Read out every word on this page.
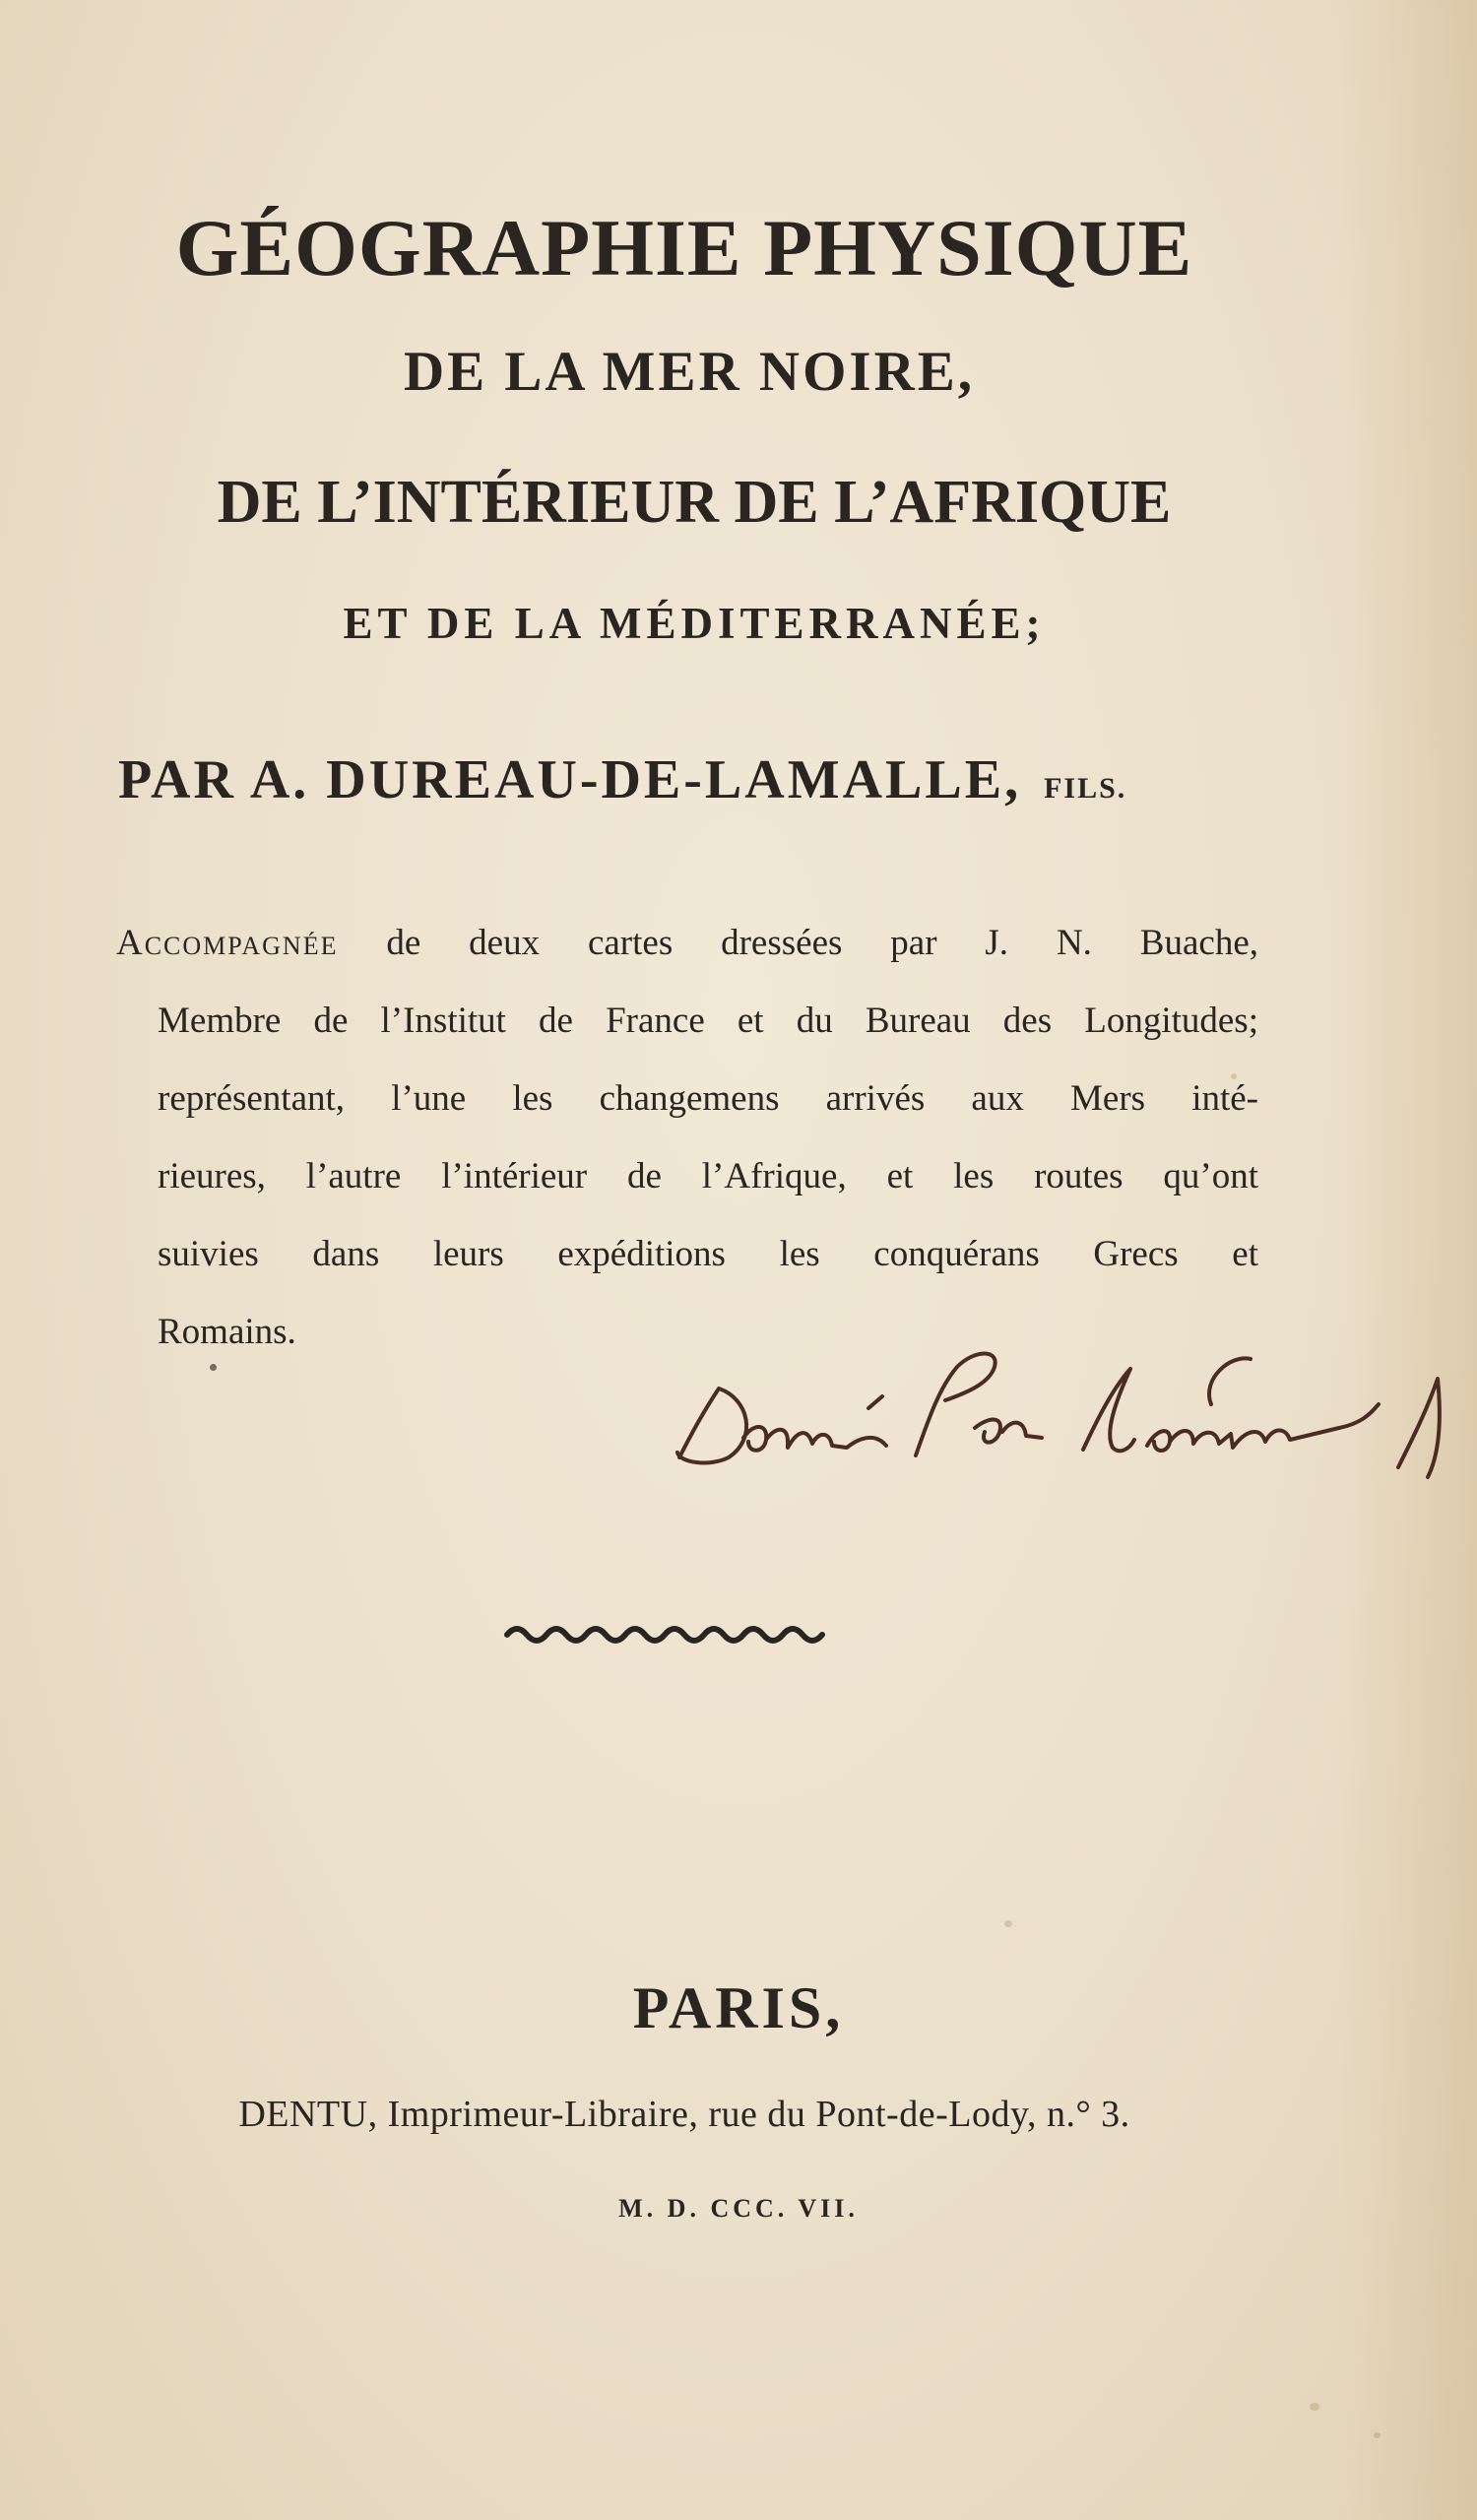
GÉOGRAPHIE PHYSIQUE
DE LA MER NOIRE,
DE L’INTÉRIEUR DE L’AFRIQUE
ET DE LA MÉDITERRANÉE;
PAR A. DUREAU-DE-LAMALLE, FILS.
Accompagnée de deux cartes dressées par J. N. Buache,
Membre de l’Institut de France et du Bureau des Longitudes;
représentant, l’une les changemens arrivés aux Mers inté-
rieures, l’autre l’intérieur de l’Afrique, et les routes qu’ont
suivies dans leurs expéditions les conquérans Grecs et
Romains.
PARIS,
DENTU, Imprimeur-Libraire, rue du Pont-de-Lody, n.° 3.
M. D. CCC. VII.
